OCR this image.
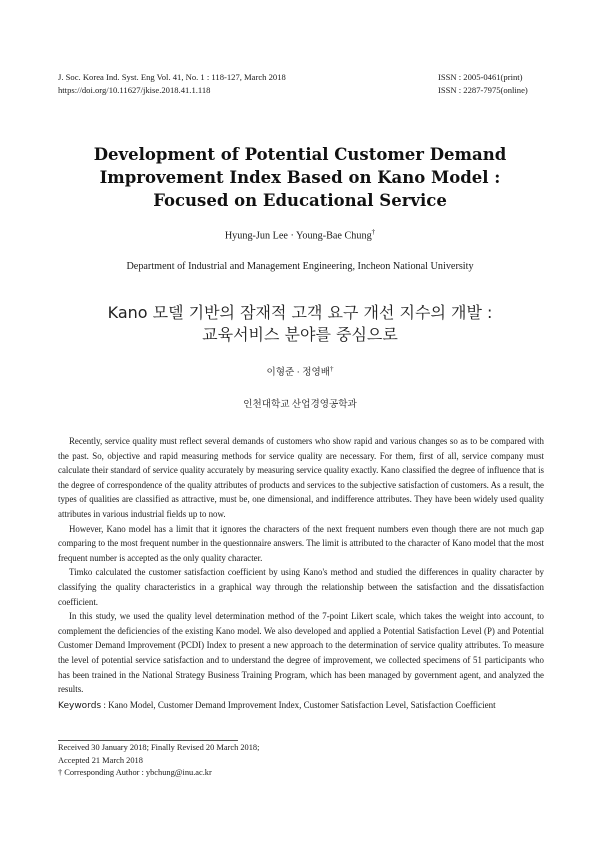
J. Soc. Korea Ind. Syst. Eng Vol. 41, No. 1 : 118-127, March 2018
https://doi.org/10.11627/jkise.2018.41.1.118
ISSN : 2005-0461(print)
ISSN : 2287-7975(online)
Development of Potential Customer Demand
Improvement Index Based on Kano Model :
Focused on Educational Service
Hyung-Jun Lee · Young-Bae Chung†
Department of Industrial and Management Engineering, Incheon National University
Kano 모델 기반의 잠재적 고객 요구 개선 지수의 개발 :
교육서비스 분야를 중심으로
이형준 · 정영배†
인천대학교 산업경영공학과

Recently, service quality must reflect several demands of customers who show rapid and various changes so as to be compared with the past. So, objective and rapid measuring methods for service quality are necessary. For them, first of all, service company must calculate their standard of service quality accurately by measuring service quality exactly. Kano classified the degree of influence that is the degree of correspondence of the quality attributes of products and services to the subjective satisfaction of customers. As a result, the types of qualities are classified as attractive, must be, one dimensional, and indifference attributes. They have been widely used quality attributes in various industrial fields up to now.

However, Kano model has a limit that it ignores the characters of the next frequent numbers even though there are not much gap comparing to the most frequent number in the questionnaire answers. The limit is attributed to the character of Kano model that the most frequent number is accepted as the only quality character.

Timko calculated the customer satisfaction coefficient by using Kano's method and studied the differences in quality character by classifying the quality characteristics in a graphical way through the relationship between the satisfaction and the dissatisfaction coefficient.

In this study, we used the quality level determination method of the 7-point Likert scale, which takes the weight into account, to complement the deficiencies of the existing Kano model. We also developed and applied a Potential Satisfaction Level (P) and Potential Customer Demand Improvement (PCDI) Index to present a new approach to the determination of service quality attributes. To measure the level of potential service satisfaction and to understand the degree of improvement, we collected specimens of 51 participants who has been trained in the National Strategy Business Training Program, which has been managed by government agent, and analyzed the results.

Keywords : Kano Model, Customer Demand Improvement Index, Customer Satisfaction Level, Satisfaction Coefficient
Received 30 January 2018; Finally Revised 20 March 2018;
Accepted 21 March 2018
† Corresponding Author : ybchung@inu.ac.kr
